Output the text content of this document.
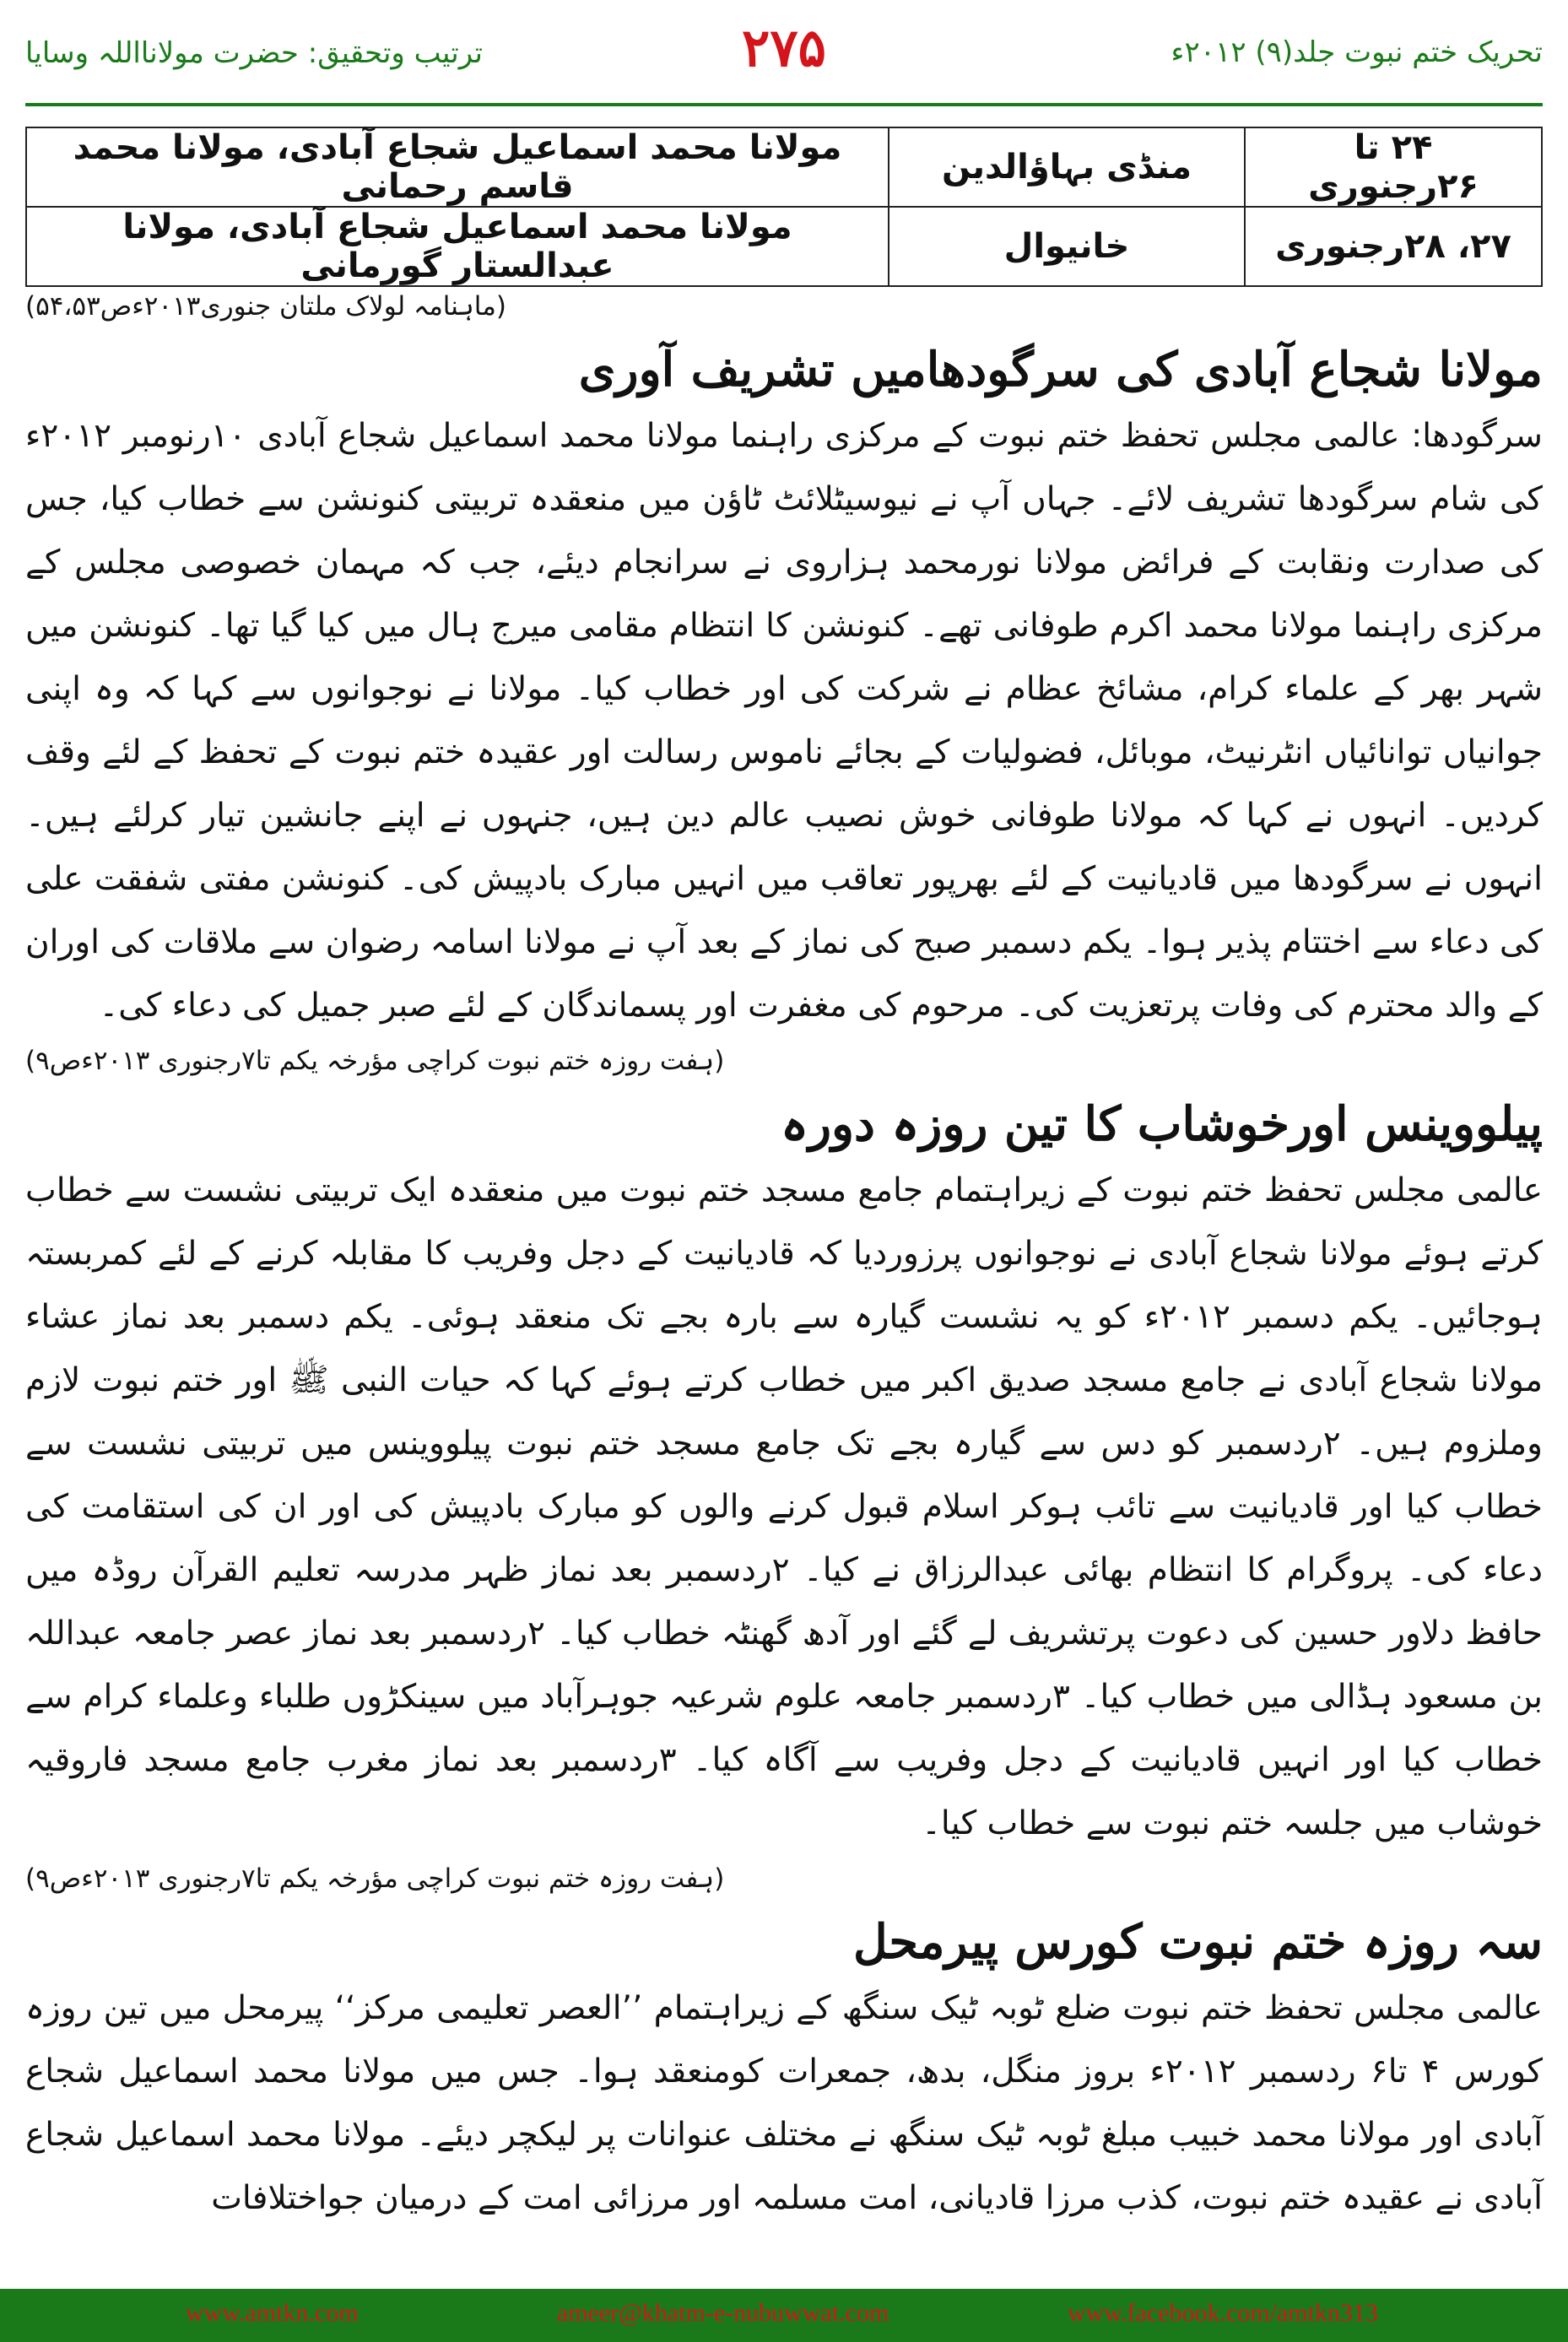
تحریک ختم نبوت جلد(۹) ۲۰۱۲ء
۲۷۵
ترتیب وتحقیق: حضرت مولانااللہ وسایا
۲۴ تا ۲۶رجنوری	منڈی بہاؤالدین	مولانا محمد اسماعیل شجاع آبادی، مولانا محمد قاسم رحمانی
۲۷، ۲۸رجنوری	خانیوال	مولانا محمد اسماعیل شجاع آبادی، مولانا عبدالستار گورمانی
(ماہنامہ لولاک ملتان جنوری۲۰۱۳ءص۵۴،۵۳)
مولانا شجاع آبادی کی سرگودھامیں تشریف آوری

سرگودھا: عالمی مجلس تحفظ ختم نبوت کے مرکزی راہنما مولانا محمد اسماعیل شجاع آبادی ۱۰رنومبر ۲۰۱۲ء کی شام سرگودھا تشریف لائے۔ جہاں آپ نے نیوسیٹلائٹ ٹاؤن میں منعقدہ تربیتی کنونشن سے خطاب کیا، جس کی صدارت ونقابت کے فرائض مولانا نورمحمد ہزاروی نے سرانجام دیئے، جب کہ مہمان خصوصی مجلس کے مرکزی راہنما مولانا محمد اکرم طوفانی تھے۔ کنونشن کا انتظام مقامی میرج ہال میں کیا گیا تھا۔ کنونشن میں شہر بھر کے علماء کرام، مشائخ عظام نے شرکت کی اور خطاب کیا۔ مولانا نے نوجوانوں سے کہا کہ وہ اپنی جوانیاں توانائیاں انٹرنیٹ، موبائل، فضولیات کے بجائے ناموس رسالت اور عقیدہ ختم نبوت کے تحفظ کے لئے وقف کردیں۔ انہوں نے کہا کہ مولانا طوفانی خوش نصیب عالم دین ہیں، جنہوں نے اپنے جانشین تیار کرلئے ہیں۔ انہوں نے سرگودھا میں قادیانیت کے لئے بھرپور تعاقب میں انہیں مبارک بادپیش کی۔ کنونشن مفتی شفقت علی کی دعاء سے اختتام پذیر ہوا۔ یکم دسمبر صبح کی نماز کے بعد آپ نے مولانا اسامہ رضوان سے ملاقات کی اوران کے والد محترم کی وفات پرتعزیت کی۔ مرحوم کی مغفرت اور پسماندگان کے لئے صبر جمیل کی دعاء کی۔

(ہفت روزہ ختم نبوت کراچی مؤرخہ یکم تا۷رجنوری ۲۰۱۳ءص۹)
پیلووینس اورخوشاب کا تین روزہ دورہ

عالمی مجلس تحفظ ختم نبوت کے زیراہتمام جامع مسجد ختم نبوت میں منعقدہ ایک تربیتی نشست سے خطاب کرتے ہوئے مولانا شجاع آبادی نے نوجوانوں پرزوردیا کہ قادیانیت کے دجل وفریب کا مقابلہ کرنے کے لئے کمربستہ ہوجائیں۔ یکم دسمبر ۲۰۱۲ء کو یہ نشست گیارہ سے بارہ بجے تک منعقد ہوئی۔ یکم دسمبر بعد نماز عشاء مولانا شجاع آبادی نے جامع مسجد صدیق اکبر میں خطاب کرتے ہوئے کہا کہ حیات النبی ﷺ اور ختم نبوت لازم وملزوم ہیں۔ ۲ردسمبر کو دس سے گیارہ بجے تک جامع مسجد ختم نبوت پیلووینس میں تربیتی نشست سے خطاب کیا اور قادیانیت سے تائب ہوکر اسلام قبول کرنے والوں کو مبارک بادپیش کی اور ان کی استقامت کی دعاء کی۔ پروگرام کا انتظام بھائی عبدالرزاق نے کیا۔ ۲ردسمبر بعد نماز ظہر مدرسہ تعلیم القرآن روڈہ میں حافظ دلاور حسین کی دعوت پرتشریف لے گئے اور آدھ گھنٹہ خطاب کیا۔ ۲ردسمبر بعد نماز عصر جامعہ عبداللہ بن مسعود ہڈالی میں خطاب کیا۔ ۳ردسمبر جامعہ علوم شرعیہ جوہرآباد میں سینکڑوں طلباء وعلماء کرام سے خطاب کیا اور انہیں قادیانیت کے دجل وفریب سے آگاہ کیا۔ ۳ردسمبر بعد نماز مغرب جامع مسجد فاروقیہ خوشاب میں جلسہ ختم نبوت سے خطاب کیا۔

(ہفت روزہ ختم نبوت کراچی مؤرخہ یکم تا۷رجنوری ۲۰۱۳ءص۹)
سہ روزہ ختم نبوت کورس پیرمحل

عالمی مجلس تحفظ ختم نبوت ضلع ٹوبہ ٹیک سنگھ کے زیراہتمام ’’العصر تعلیمی مرکز‘‘ پیرمحل میں تین روزہ کورس ۴ تا۶ ردسمبر ۲۰۱۲ء بروز منگل، بدھ، جمعرات کومنعقد ہوا۔ جس میں مولانا محمد اسماعیل شجاع آبادی اور مولانا محمد خبیب مبلغ ٹوبہ ٹیک سنگھ نے مختلف عنوانات پر لیکچر دیئے۔ مولانا محمد اسماعیل شجاع آبادی نے عقیدہ ختم نبوت، کذب مرزا قادیانی، امت مسلمہ اور مرزائی امت کے درمیان جواختلافات

www.amtkn.com	ameer@khatm-e-nubuwwat.com	www.facebook.com/amtkn313
